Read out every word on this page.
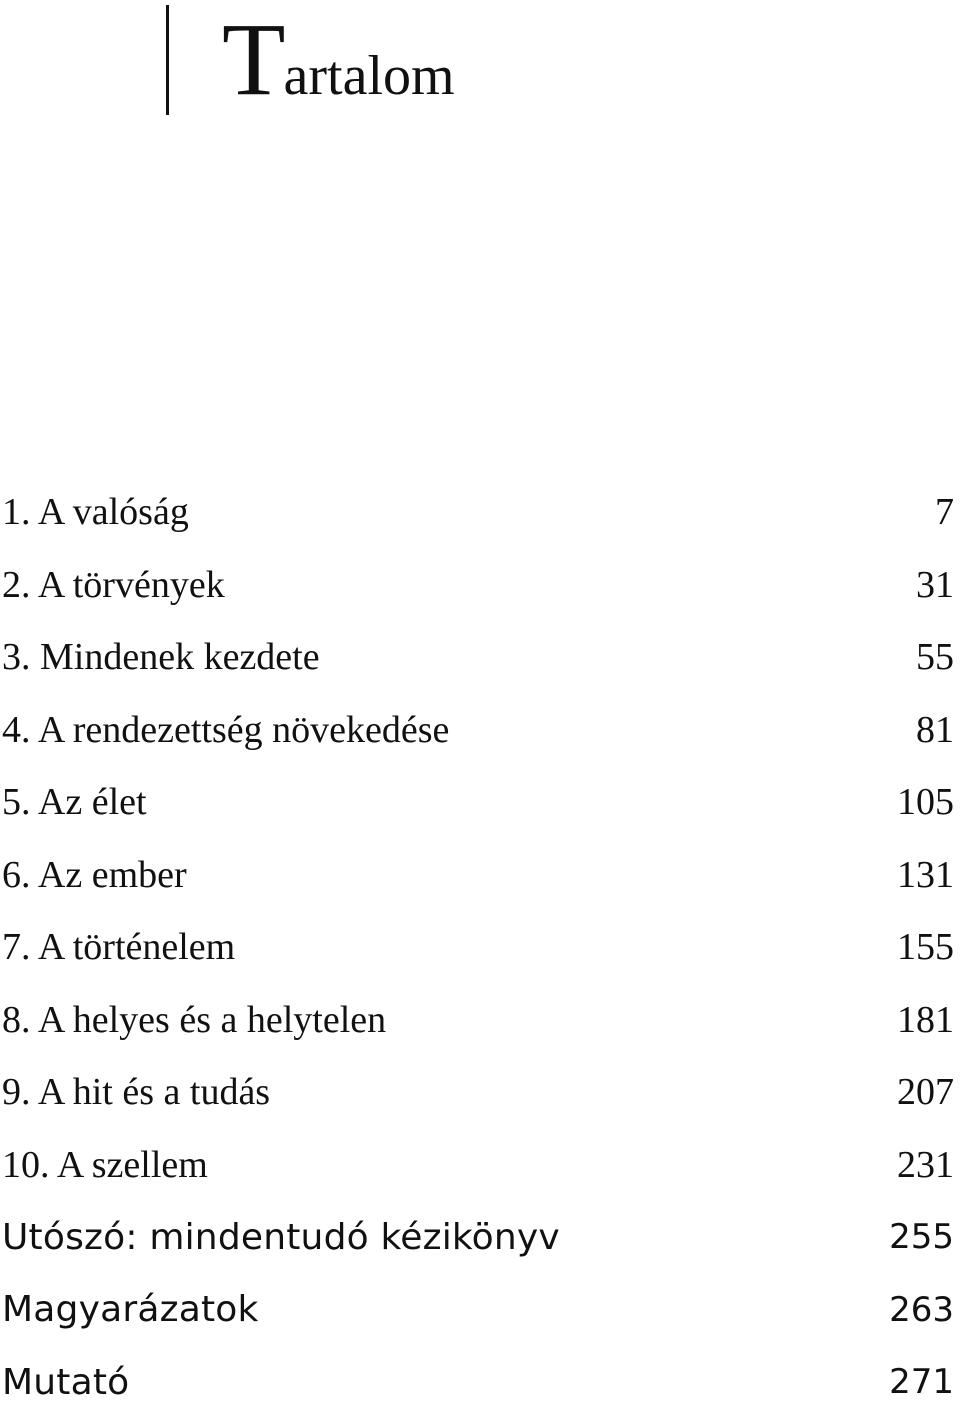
T
artalom
1. A valóság	7
2. A törvények	31
3. Mindenek kezdete	55
4. A rendezettség növekedése	81
5. Az élet	105
6. Az ember	131
7. A történelem	155
8. A helyes és a helytelen	181
9. A hit és a tudás	207
10. A szellem	231
Utószó: mindentudó kézikönyv	255
Magyarázatok	263
Mutató	271
